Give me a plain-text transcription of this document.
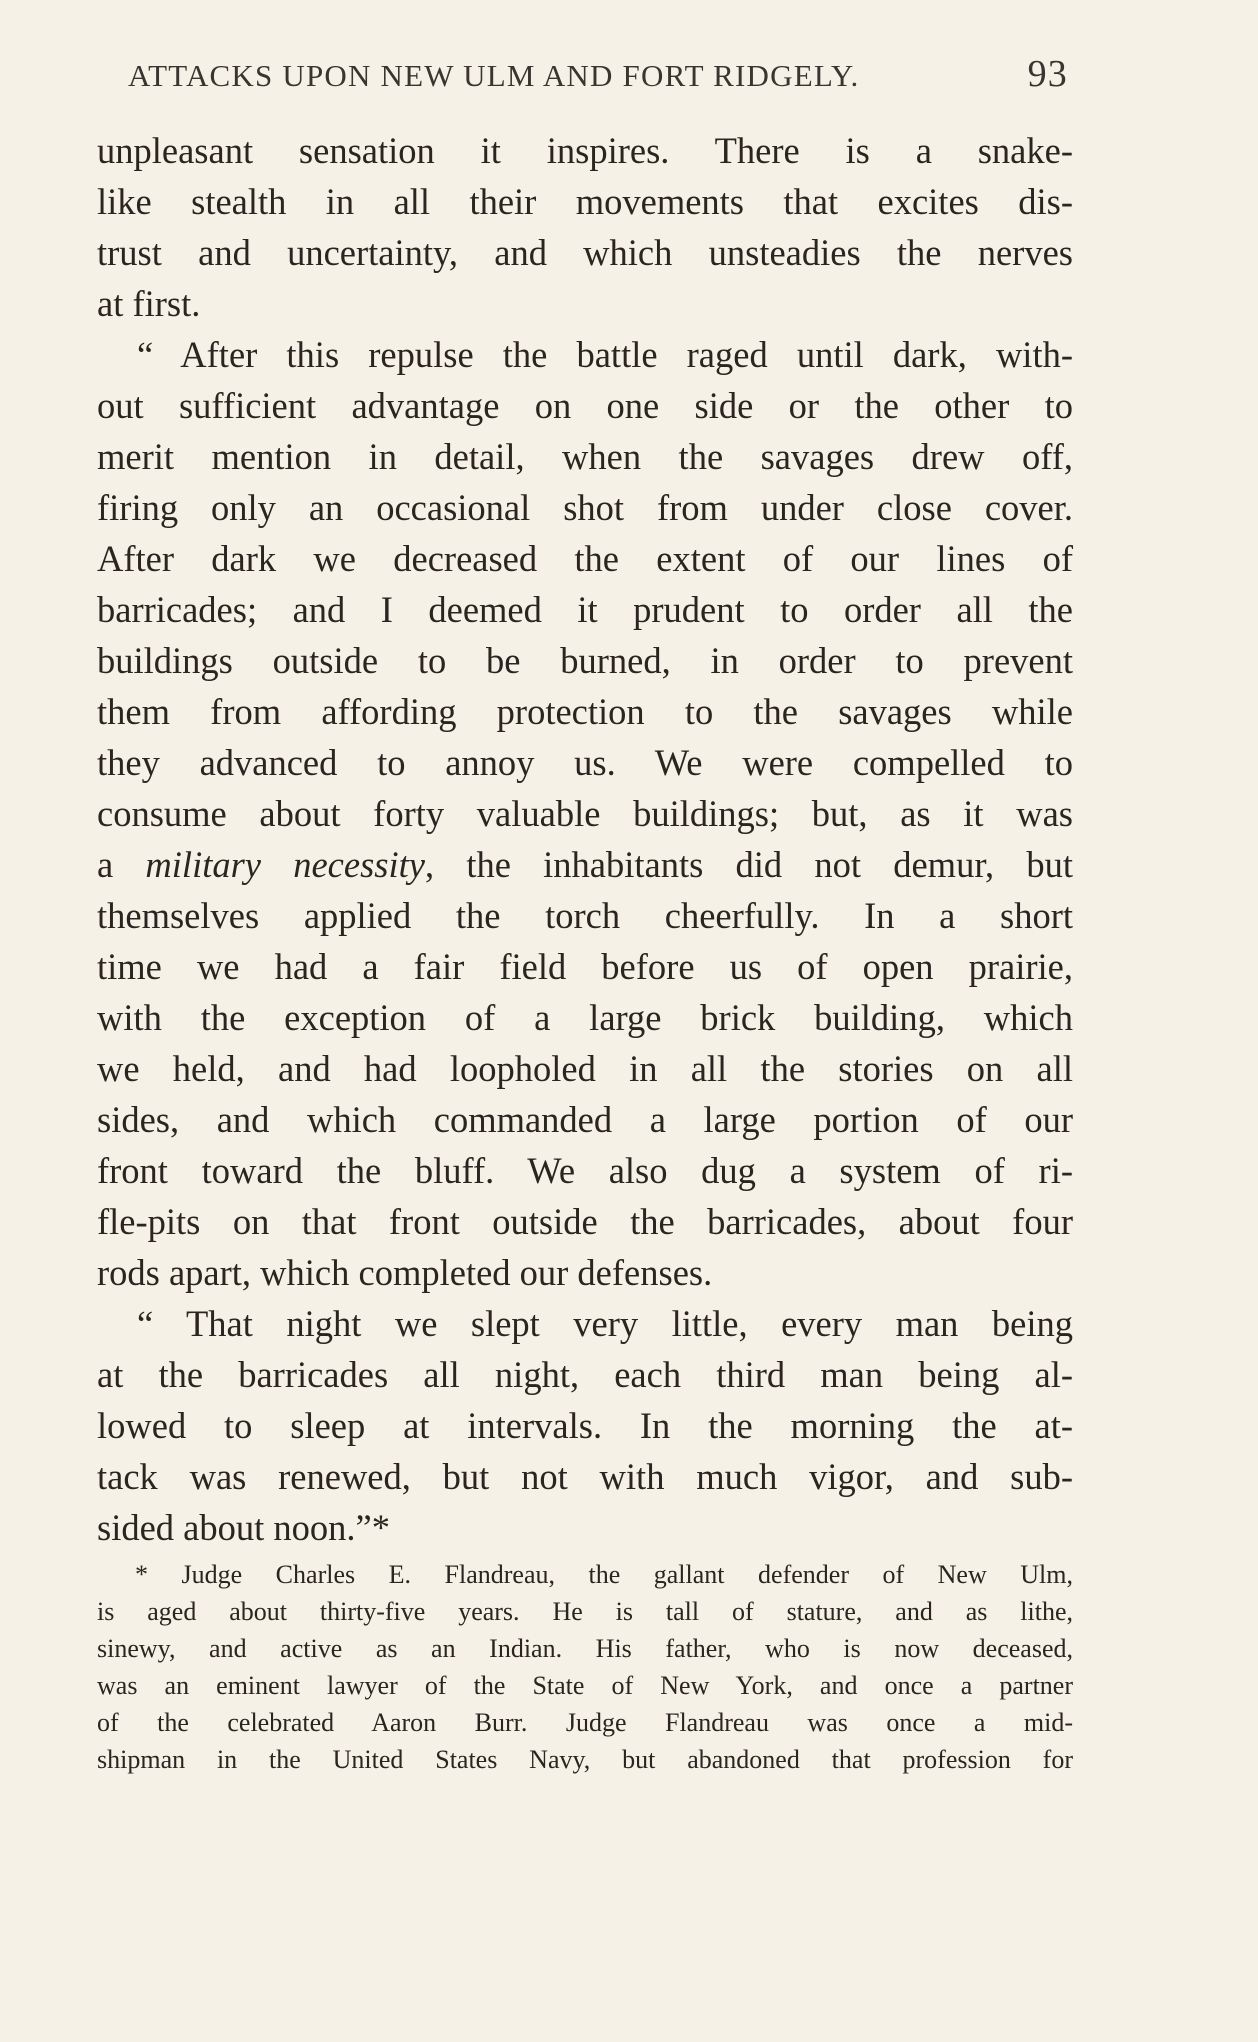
ATTACKS UPON NEW ULM AND FORT RIDGELY.	93
unpleasant sensation it inspires. There is a snake-
like stealth in all their movements that excites dis-
trust and uncertainty, and which unsteadies the nerves
at first.
“ After this repulse the battle raged until dark, with-
out sufficient advantage on one side or the other to
merit mention in detail, when the savages drew off,
firing only an occasional shot from under close cover.
After dark we decreased the extent of our lines of
barricades; and I deemed it prudent to order all the
buildings outside to be burned, in order to prevent
them from affording protection to the savages while
they advanced to annoy us. We were compelled to
consume about forty valuable buildings; but, as it was
a military necessity, the inhabitants did not demur, but
themselves applied the torch cheerfully. In a short
time we had a fair field before us of open prairie,
with the exception of a large brick building, which
we held, and had loopholed in all the stories on all
sides, and which commanded a large portion of our
front toward the bluff. We also dug a system of ri-
fle-pits on that front outside the barricades, about four
rods apart, which completed our defenses.
“ That night we slept very little, every man being
at the barricades all night, each third man being al-
lowed to sleep at intervals. In the morning the at-
tack was renewed, but not with much vigor, and sub-
sided about noon.”*
* Judge Charles E. Flandreau, the gallant defender of New Ulm,
is aged about thirty-five years. He is tall of stature, and as lithe,
sinewy, and active as an Indian. His father, who is now deceased,
was an eminent lawyer of the State of New York, and once a partner
of the celebrated Aaron Burr. Judge Flandreau was once a mid-
shipman in the United States Navy, but abandoned that profession for
